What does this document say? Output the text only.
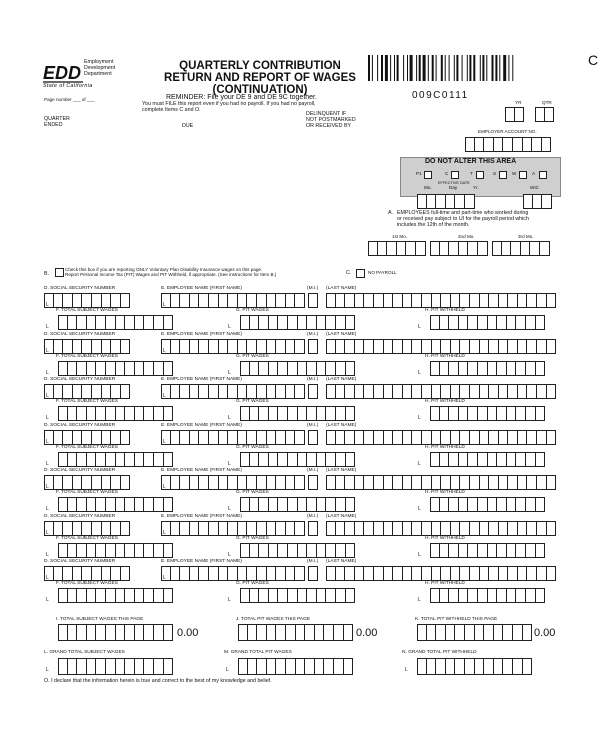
EDD
Employment
Development
Department
State of California
Page number ___ of ___
QUARTERLY CONTRIBUTION
RETURN AND REPORT OF WAGES
(CONTINUATION)
REMINDER: File your DE 9 and DE 9C together.
You must FILE this report even if you had no payroll. If you had no payroll,
complete Items C and O.
009C0111
C
YR	QTR
QUARTER
ENDED	DUE
DELINQUENT IF
NOT POSTMARKED
OR RECEIVED BY
EMPLOYER ACCOUNT NO.
DO NOT ALTER THIS AREA
P1	C	T	S	W	A
EFFECTIVE DATE
Mo.	Day	Yr.	WIC
A. EMPLOYEES full-time and part-time who worked during
or received pay subject to UI for the payroll period which
includes the 12th of the month.
1st Mo.	2nd Mo.	3rd Mo.
B.
Check this box if you are reporting ONLY Voluntary Plan Disability Insurance wages on this page.
Report Personal Income Tax (PIT) Wages and PIT Withheld, if appropriate. (See instructions for Item B.)	C.	NO PAYROLL
D. SOCIAL SECURITY NUMBER	E. EMPLOYEE NAME (FIRST NAME)	(M.I.) (LAST NAME)
F. TOTAL SUBJECT WAGES	G. PIT WAGES	H. PIT WITHHELD
L	L	L
L	L
D. SOCIAL SECURITY NUMBER	E. EMPLOYEE NAME (FIRST NAME)	(M.I.) (LAST NAME)
F. TOTAL SUBJECT WAGES	G. PIT WAGES	H. PIT WITHHELD
L	L	L
L	L
D. SOCIAL SECURITY NUMBER	E. EMPLOYEE NAME (FIRST NAME)	(M.I.) (LAST NAME)
F. TOTAL SUBJECT WAGES	G. PIT WAGES	H. PIT WITHHELD
L	L	L
L	L
D. SOCIAL SECURITY NUMBER	E. EMPLOYEE NAME (FIRST NAME)	(M.I.) (LAST NAME)
F. TOTAL SUBJECT WAGES	G. PIT WAGES	H. PIT WITHHELD
L	L	L
L	L
D. SOCIAL SECURITY NUMBER	E. EMPLOYEE NAME (FIRST NAME)	(M.I.) (LAST NAME)
F. TOTAL SUBJECT WAGES	G. PIT WAGES	H. PIT WITHHELD
L	L	L
L	L
D. SOCIAL SECURITY NUMBER	E. EMPLOYEE NAME (FIRST NAME)	(M.I.) (LAST NAME)
F. TOTAL SUBJECT WAGES	G. PIT WAGES	H. PIT WITHHELD
L	L	L
L	L
D. SOCIAL SECURITY NUMBER	E. EMPLOYEE NAME (FIRST NAME)	(M.I.) (LAST NAME)
F. TOTAL SUBJECT WAGES	G. PIT WAGES	H. PIT WITHHELD
L	L	L
L	L
I. TOTAL SUBJECT WAGES THIS PAGE	J. TOTAL PIT WAGES THIS PAGE	K. TOTAL PIT WITHHELD THIS PAGE
0.00	0.00	0.00
L. GRAND TOTAL SUBJECT WAGES	M. GRAND TOTAL PIT WAGES	N. GRAND TOTAL PIT WITHHELD
L	L	L
O. I declare that the information herein is true and correct to the best of my knowledge and belief.
